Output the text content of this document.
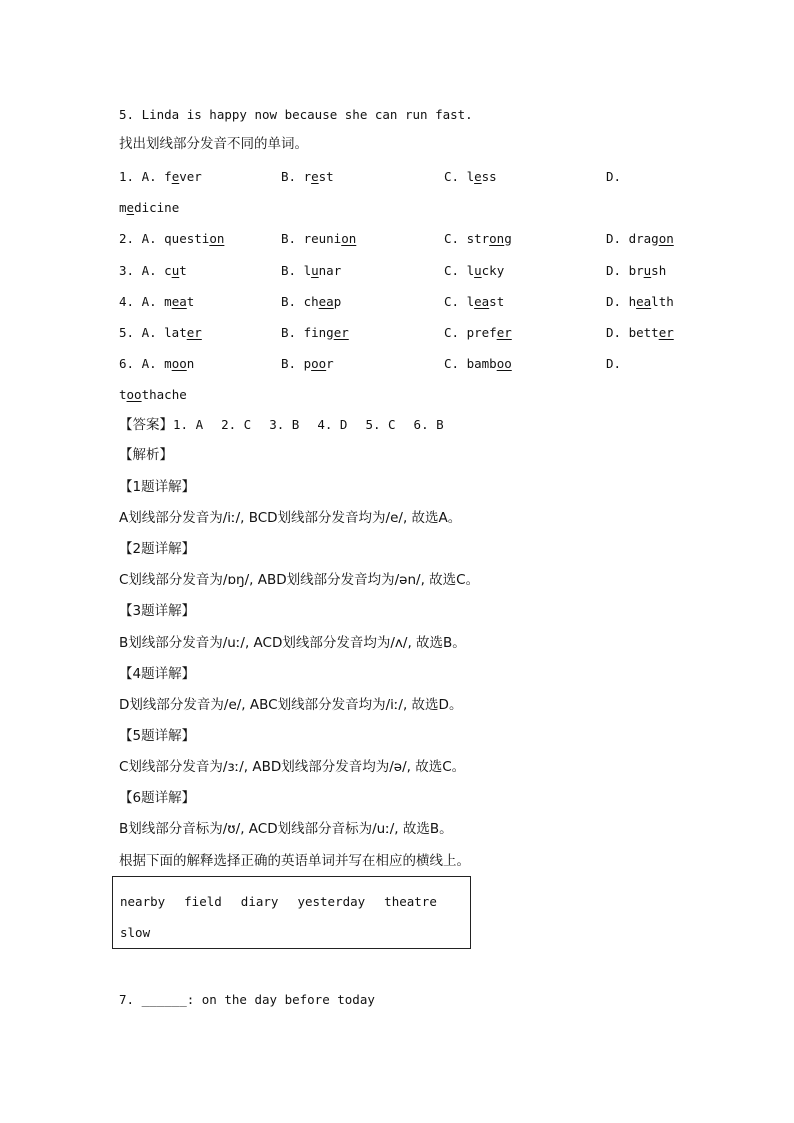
5. Linda is happy now because she can run fast.
找出划线部分发音不同的单词。
1. A. fever	B. rest	C. less	D.
medicine
2. A. question	B. reunion	C. strong	D. dragon
3. A. cut	B. lunar	C. lucky	D. brush
4. A. meat	B. cheap	C. least	D. health
5. A. later	B. finger	C. prefer	D. better
6. A. moon	B. poor	C. bamboo	D.
toothache
【答案】1. A 2. C 3. B 4. D 5. C 6. B
【解析】
【1题详解】
A划线部分发音为/iː/, BCD划线部分发音均为/e/, 故选A。
【2题详解】
C划线部分发音为/ɒŋ/, ABD划线部分发音均为/ən/, 故选C。
【3题详解】
B划线部分发音为/uː/, ACD划线部分发音均为/ʌ/, 故选B。
【4题详解】
D划线部分发音为/e/, ABC划线部分发音均为/iː/, 故选D。
【5题详解】
C划线部分发音为/ɜː/, ABD划线部分发音均为/ə/, 故选C。
【6题详解】
B划线部分音标为/ʊ/, ACD划线部分音标为/uː/, 故选B。
根据下面的解释选择正确的英语单词并写在相应的横线上。
nearby field diary yesterday theatre
slow
7. ______: on the day before today
